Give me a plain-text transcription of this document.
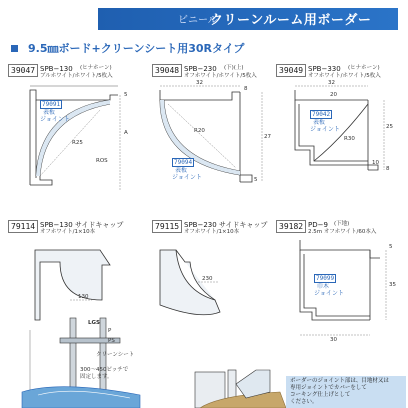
ビニール
クリーンルーム用ボーダー
9.5㎜ボード+クリーンシート用30Rタイプ
39047 SPB−130 (ヒナホーン)
ブルホワイト/ホワイト/5枚入
79091
表板
ジョイント
5
A
R25
ROS
39048 SPB−230 (下)(上)
オフホワイト/ホワイト/5枚入
79094
表板
ジョイント
32
27
R20
8
5
39049 SPB−330 (ヒナホーン)
オフホワイト/ホワイト/5枚入
79042
表板
ジョイント
32
20
25
R30
10
8
79114 SPB−130 サイドキャップ
オフホワイト/1×10本
130
79115 SPB−230 サイドキャップ
オフホワイト/1×10本
230
39182 PD−9 (下地)
2.5m オフホワイト/60本入
79099
巾木
ジョイント
5
30
35
LGS
クリーンシート
300〜450ピッチで
固定します。
P
PS
ボーダーのジョイント部は、目地材又は
専用ジョイントでカバーをして
コーキング仕上げとして
ください。
